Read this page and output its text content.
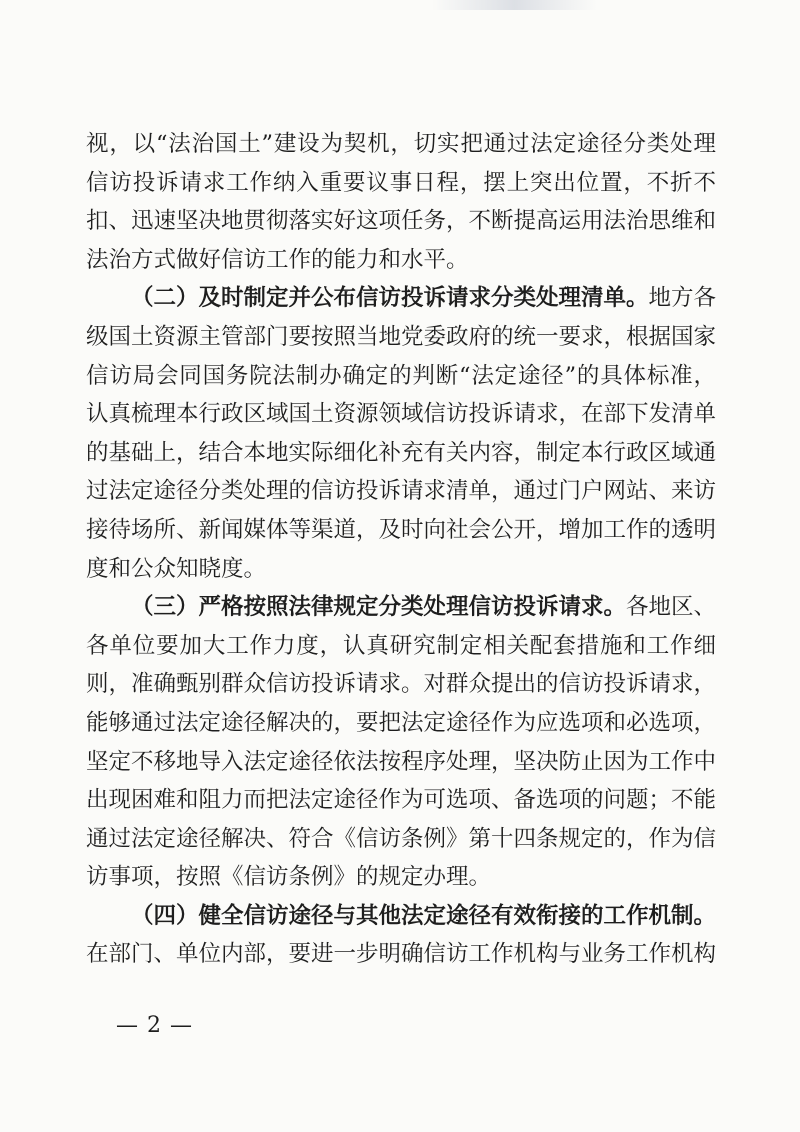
视，以“法治国土”建设为契机，切实把通过法定途径分类处理
信访投诉请求工作纳入重要议事日程，摆上突出位置，不折不
扣、迅速坚决地贯彻落实好这项任务，不断提高运用法治思维和
法治方式做好信访工作的能力和水平。
（二）及时制定并公布信访投诉请求分类处理清单。地方各
级国土资源主管部门要按照当地党委政府的统一要求，根据国家
信访局会同国务院法制办确定的判断“法定途径”的具体标准，
认真梳理本行政区域国土资源领域信访投诉请求，在部下发清单
的基础上，结合本地实际细化补充有关内容，制定本行政区域通
过法定途径分类处理的信访投诉请求清单，通过门户网站、来访
接待场所、新闻媒体等渠道，及时向社会公开，增加工作的透明
度和公众知晓度。
（三）严格按照法律规定分类处理信访投诉请求。各地区、
各单位要加大工作力度，认真研究制定相关配套措施和工作细
则，准确甄别群众信访投诉请求。对群众提出的信访投诉请求，
能够通过法定途径解决的，要把法定途径作为应选项和必选项，
坚定不移地导入法定途径依法按程序处理，坚决防止因为工作中
出现困难和阻力而把法定途径作为可选项、备选项的问题；不能
通过法定途径解决、符合《信访条例》第十四条规定的，作为信
访事项，按照《信访条例》的规定办理。
（四）健全信访途径与其他法定途径有效衔接的工作机制。
在部门、单位内部，要进一步明确信访工作机构与业务工作机构
— 2 —
